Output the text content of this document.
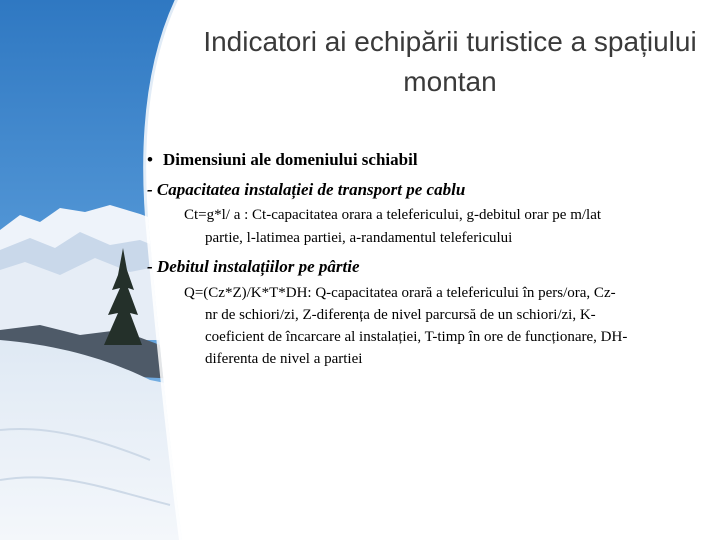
Indicatori ai echipării turistice a spațiului
montan
• Dimensiuni ale domeniului schiabil
- Capacitatea instalației de transport pe cablu
Ct=g*l/ a : Ct-capacitatea orara a telefericului, g-debitul orar pe m/lat
partie, l-latimea partiei, a-randamentul telefericului
- Debitul instalațiilor pe pârtie
Q=(Cz*Z)/K*T*DH: Q-capacitatea orară a telefericului în pers/ora, Cz-
nr de schiori/zi, Z-diferența de nivel parcursă de un schiori/zi, K-
coeficient de încarcare al instalației, T-timp în ore de funcționare, DH-
diferenta de nivel a partiei
